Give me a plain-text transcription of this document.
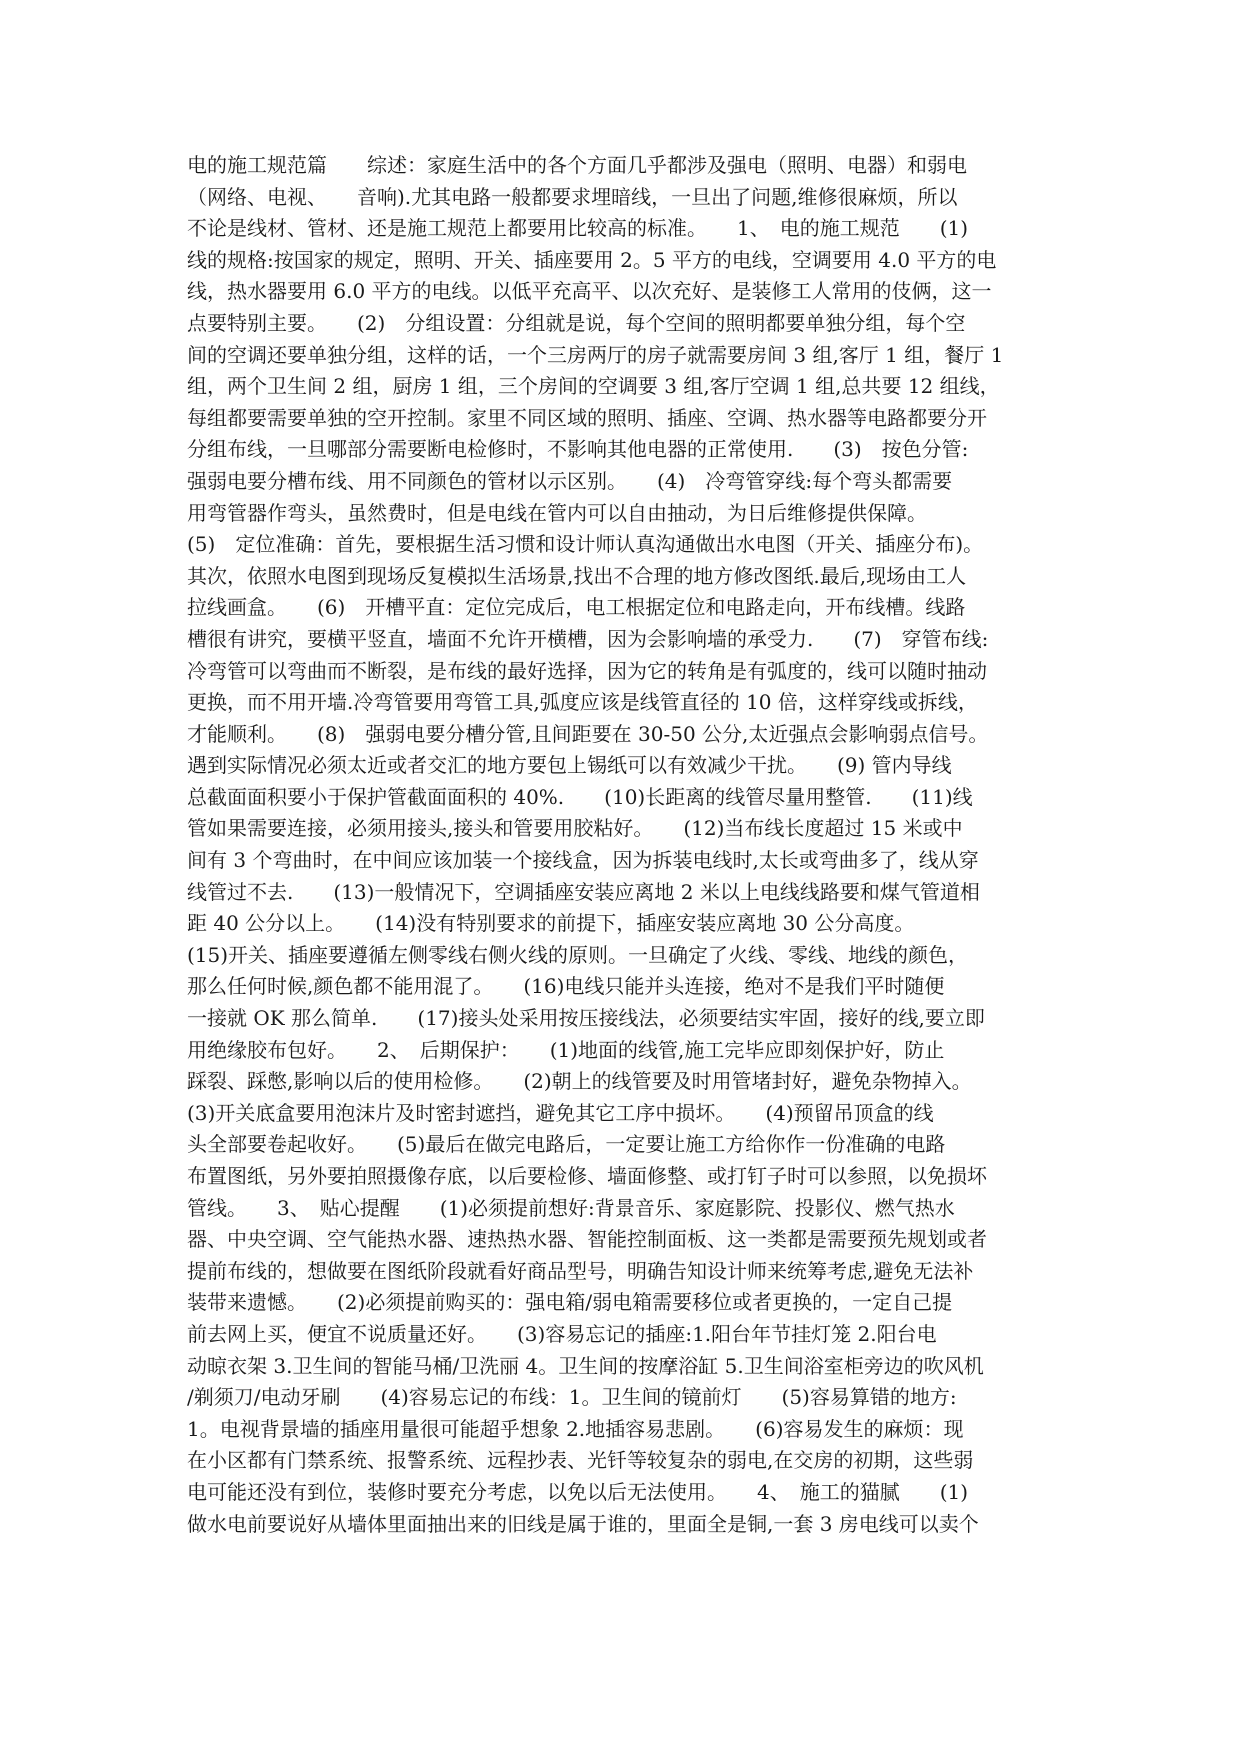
电的施工规范篇　　综述：家庭生活中的各个方面几乎都涉及强电（照明、电器）和弱电
（网络、电视、　　音响).尤其电路一般都要求埋暗线，一旦出了问题,维修很麻烦，所以
不论是线材、管材、还是施工规范上都要用比较高的标准。　　1、　电的施工规范　　(1)
线的规格:按国家的规定，照明、开关、插座要用 2。5 平方的电线，空调要用 4.0 平方的电
线，热水器要用 6.0 平方的电线。以低平充高平、以次充好、是装修工人常用的伎俩，这一
点要特别主要。　　(2)　分组设置：分组就是说，每个空间的照明都要单独分组，每个空
间的空调还要单独分组，这样的话，一个三房两厅的房子就需要房间 3 组,客厅 1 组，餐厅 1
组，两个卫生间 2 组，厨房 1 组，三个房间的空调要 3 组,客厅空调 1 组,总共要 12 组线，
每组都要需要单独的空开控制。家里不同区域的照明、插座、空调、热水器等电路都要分开
分组布线，一旦哪部分需要断电检修时，不影响其他电器的正常使用.　　(3)　按色分管:
强弱电要分槽布线、用不同颜色的管材以示区别。　　(4)　冷弯管穿线:每个弯头都需要
用弯管器作弯头，虽然费时，但是电线在管内可以自由抽动，为日后维修提供保障。
(5)　定位准确：首先，要根据生活习惯和设计师认真沟通做出水电图（开关、插座分布)。
其次，依照水电图到现场反复模拟生活场景,找出不合理的地方修改图纸.最后,现场由工人
拉线画盒。　　(6)　开槽平直：定位完成后，电工根据定位和电路走向，开布线槽。线路
槽很有讲究，要横平竖直，墙面不允许开横槽，因为会影响墙的承受力.　　(7)　穿管布线:
冷弯管可以弯曲而不断裂，是布线的最好选择，因为它的转角是有弧度的，线可以随时抽动
更换，而不用开墙.冷弯管要用弯管工具,弧度应该是线管直径的 10 倍，这样穿线或拆线，
才能顺利。　　(8)　强弱电要分槽分管,且间距要在 30-50 公分,太近强点会影响弱点信号。
遇到实际情况必须太近或者交汇的地方要包上锡纸可以有效减少干扰。　　(9) 管内导线
总截面面积要小于保护管截面面积的 40%.　　(10)长距离的线管尽量用整管.　　(11)线
管如果需要连接，必须用接头,接头和管要用胶粘好。　　(12)当布线长度超过 15 米或中
间有 3 个弯曲时，在中间应该加装一个接线盒，因为拆装电线时,太长或弯曲多了，线从穿
线管过不去.　　(13)一般情况下，空调插座安装应离地 2 米以上电线线路要和煤气管道相
距 40 公分以上。　　(14)没有特别要求的前提下，插座安装应离地 30 公分高度。
(15)开关、插座要遵循左侧零线右侧火线的原则。一旦确定了火线、零线、地线的颜色，
那么任何时候,颜色都不能用混了。　　(16)电线只能并头连接，绝对不是我们平时随便
一接就 OK 那么简单.　　(17)接头处采用按压接线法，必须要结实牢固，接好的线,要立即
用绝缘胶布包好。　　2、　后期保护：　　(1)地面的线管,施工完毕应即刻保护好，防止
踩裂、踩憋,影响以后的使用检修。　　(2)朝上的线管要及时用管堵封好，避免杂物掉入。
(3)开关底盒要用泡沫片及时密封遮挡，避免其它工序中损坏。　　(4)预留吊顶盒的线
头全部要卷起收好。　　(5)最后在做完电路后，一定要让施工方给你作一份准确的电路
布置图纸，另外要拍照摄像存底，以后要检修、墙面修整、或打钉子时可以参照，以免损坏
管线。　　3、　贴心提醒　　(1)必须提前想好:背景音乐、家庭影院、投影仪、燃气热水
器、中央空调、空气能热水器、速热热水器、智能控制面板、这一类都是需要预先规划或者
提前布线的，想做要在图纸阶段就看好商品型号，明确告知设计师来统筹考虑,避免无法补
装带来遗憾。　　(2)必须提前购买的：强电箱/弱电箱需要移位或者更换的，一定自己提
前去网上买，便宜不说质量还好。　　(3)容易忘记的插座:1.阳台年节挂灯笼 2.阳台电
动晾衣架 3.卫生间的智能马桶/卫洗丽 4。卫生间的按摩浴缸 5.卫生间浴室柜旁边的吹风机
/剃须刀/电动牙刷　　(4)容易忘记的布线：1。卫生间的镜前灯　　(5)容易算错的地方:
1。电视背景墙的插座用量很可能超乎想象 2.地插容易悲剧。　　(6)容易发生的麻烦：现
在小区都有门禁系统、报警系统、远程抄表、光钎等较复杂的弱电,在交房的初期，这些弱
电可能还没有到位，装修时要充分考虑，以免以后无法使用。　　4、　施工的猫腻　　(1)
做水电前要说好从墙体里面抽出来的旧线是属于谁的，里面全是铜,一套 3 房电线可以卖个
